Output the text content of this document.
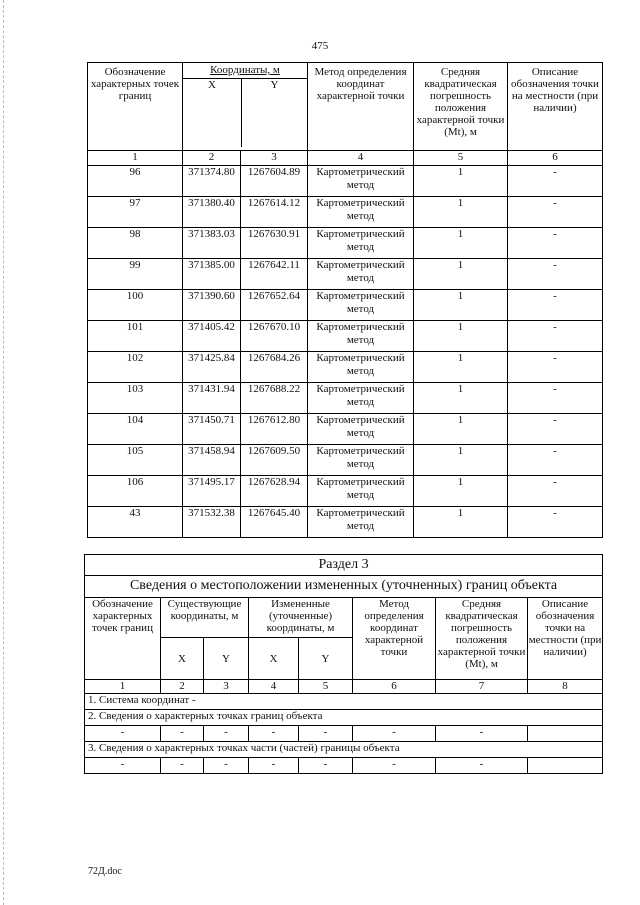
475
Обозначение характерных точек границ	Координаты, м
X Y		Метод определения координат характерной точки	Средняя квадратическая погрешность положения характерной точки (Mt), м	Описание обозначения точки на местности (при наличии)
1	2	3	4	5	6
96	371374.80	1267604.89	Картометрический метод	1	-
97	371380.40	1267614.12	Картометрический метод	1	-
98	371383.03	1267630.91	Картометрический метод	1	-
99	371385.00	1267642.11	Картометрический метод	1	-
100	371390.60	1267652.64	Картометрический метод	1	-
101	371405.42	1267670.10	Картометрический метод	1	-
102	371425.84	1267684.26	Картометрический метод	1	-
103	371431.94	1267688.22	Картометрический метод	1	-
104	371450.71	1267612.80	Картометрический метод	1	-
105	371458.94	1267609.50	Картометрический метод	1	-
106	371495.17	1267628.94	Картометрический метод	1	-
43	371532.38	1267645.40	Картометрический метод	1	-
Раздел 3							
Сведения о местоположении измененных (уточненных) границ объекта							
Обозначение характерных точек границ	Существующие координаты, м		Измененные (уточненные) координаты, м		Метод определения координат характерной точки	Средняя квадратическая погрешность положения характерной точки (Mt), м	Описание обозначения точки на местности (при наличии)
	X	Y	X	Y			
1	2	3	4	5	6	7	8
1. Система координат -							
2. Сведения о характерных точках границ объекта							
-	-	-	-	-	-	-	
3. Сведения о характерных точках части (частей) границы объекта							
-	-	-	-	-	-	-	
72Д.doc
